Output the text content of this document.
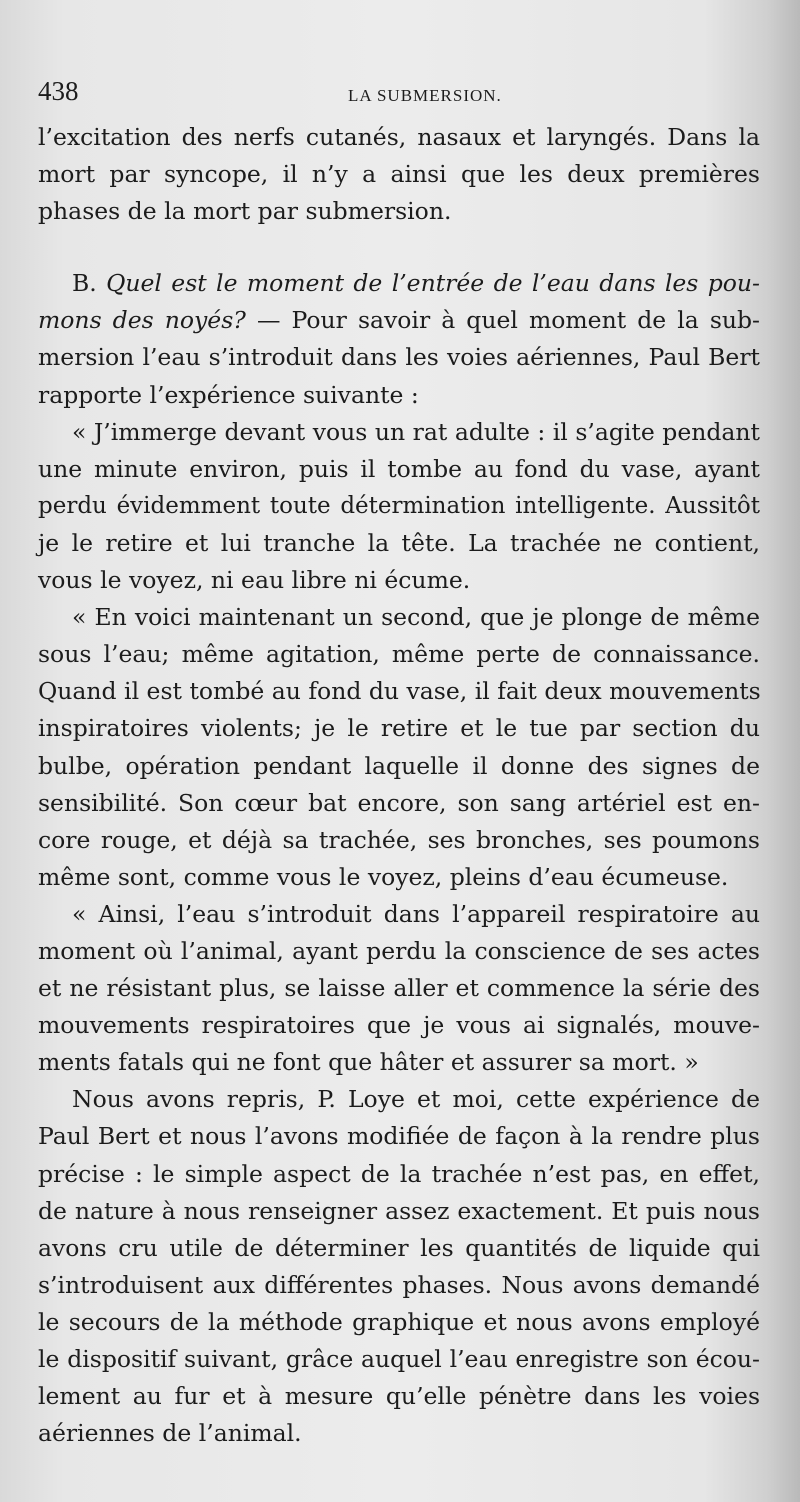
438	LA SUBMERSION.
l’excitation des nerfs cutanés, nasaux et laryngés. Dans la
mort par syncope, il n’y a ainsi que les deux premières
phases de la mort par submersion.
B. Quel est le moment de l’entrée de l’eau dans les pou-
mons des noyés? — Pour savoir à quel moment de la sub-
mersion l’eau s’introduit dans les voies aériennes, Paul Bert
rapporte l’expérience suivante :
« J’immerge devant vous un rat adulte : il s’agite pendant
une minute environ, puis il tombe au fond du vase, ayant
perdu évidemment toute détermination intelligente. Aussitôt
je le retire et lui tranche la tête. La trachée ne contient,
vous le voyez, ni eau libre ni écume.
« En voici maintenant un second, que je plonge de même
sous l’eau; même agitation, même perte de connaissance.
Quand il est tombé au fond du vase, il fait deux mouvements
inspiratoires violents; je le retire et le tue par section du
bulbe, opération pendant laquelle il donne des signes de
sensibilité. Son cœur bat encore, son sang artériel est en-
core rouge, et déjà sa trachée, ses bronches, ses poumons
même sont, comme vous le voyez, pleins d’eau écumeuse.
« Ainsi, l’eau s’introduit dans l’appareil respiratoire au
moment où l’animal, ayant perdu la conscience de ses actes
et ne résistant plus, se laisse aller et commence la série des
mouvements respiratoires que je vous ai signalés, mouve-
ments fatals qui ne font que hâter et assurer sa mort. »
Nous avons repris, P. Loye et moi, cette expérience de
Paul Bert et nous l’avons modifiée de façon à la rendre plus
précise : le simple aspect de la trachée n’est pas, en effet,
de nature à nous renseigner assez exactement. Et puis nous
avons cru utile de déterminer les quantités de liquide qui
s’introduisent aux différentes phases. Nous avons demandé
le secours de la méthode graphique et nous avons employé
le dispositif suivant, grâce auquel l’eau enregistre son écou-
lement au fur et à mesure qu’elle pénètre dans les voies
aériennes de l’animal.
